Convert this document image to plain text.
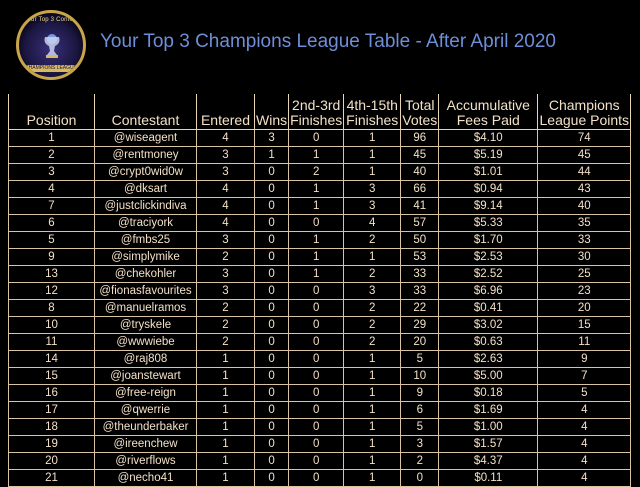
Your Top 3 Contest
CHAMPIONS LEAGUE
Your Top 3 Champions League Table - After April 2020
Position	Contestant	Entered	Wins	2nd-3rd Finishes	4th-15th Finishes	Total Votes	Accumulative Fees Paid	Champions League Points
1	@wiseagent	4	3	0	1	96	$4.10	74
2	@rentmoney	3	1	1	1	45	$5.19	45
3	@crypt0wid0w	3	0	2	1	40	$1.01	44
4	@dksart	4	0	1	3	66	$0.94	43
7	@justclickindiva	4	0	1	3	41	$9.14	40
6	@traciyork	4	0	0	4	57	$5.33	35
5	@fmbs25	3	0	1	2	50	$1.70	33
9	@simplymike	2	0	1	1	53	$2.53	30
13	@chekohler	3	0	1	2	33	$2.52	25
12	@fionasfavourites	3	0	0	3	33	$6.96	23
8	@manuelramos	2	0	0	2	22	$0.41	20
10	@tryskele	2	0	0	2	29	$3.02	15
11	@wwwiebe	2	0	0	2	20	$0.63	11
14	@raj808	1	0	0	1	5	$2.63	9
15	@joanstewart	1	0	0	1	10	$5.00	7
16	@free-reign	1	0	0	1	9	$0.18	5
17	@qwerrie	1	0	0	1	6	$1.69	4
18	@theunderbaker	1	0	0	1	5	$1.00	4
19	@ireenchew	1	0	0	1	3	$1.57	4
20	@riverflows	1	0	0	1	2	$4.37	4
21	@necho41	1	0	0	1	0	$0.11	4
